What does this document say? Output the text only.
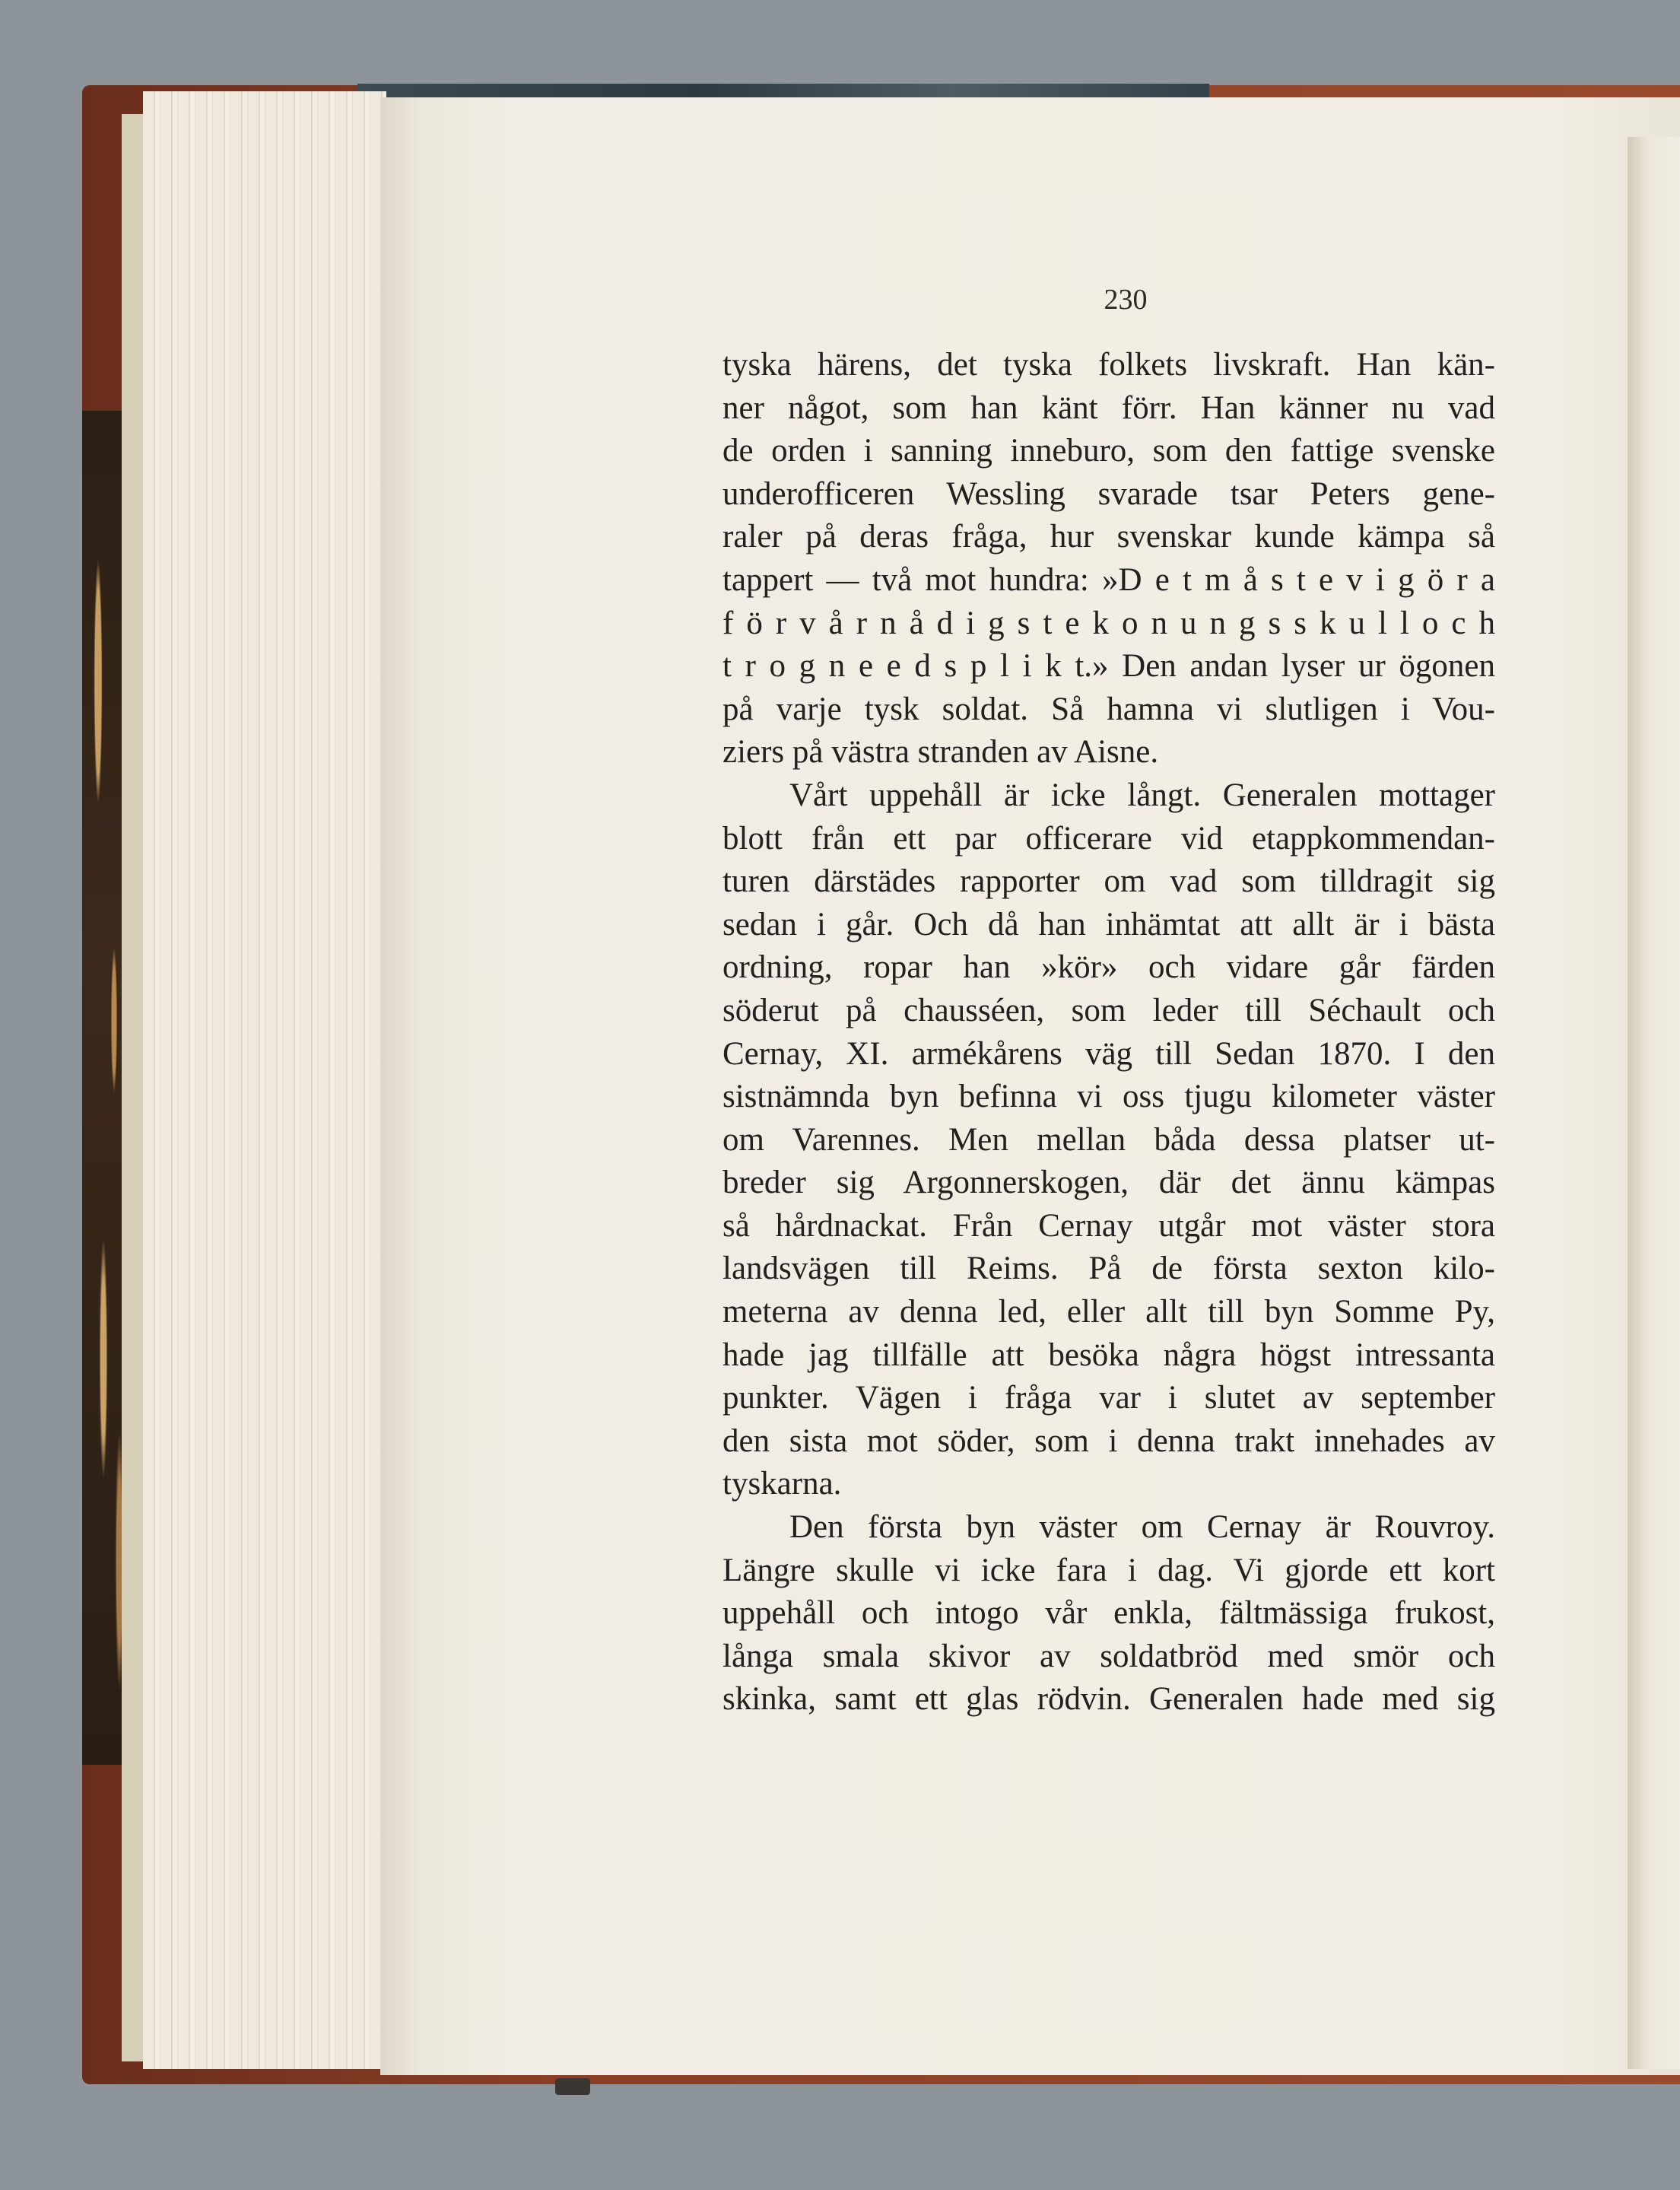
230
tyska härens, det tyska folkets livskraft. Han kän-
ner något, som han känt förr. Han känner nu vad
de orden i sanning inneburo, som den fattige svenske
underofficeren Wessling svarade tsar Peters gene-
raler på deras fråga, hur svenskar kunde kämpa så
tappert — två mot hundra: »D e t m å s t e v i g ö r a
f ö r v å r n å d i g s t e k o n u n g s s k u l l o c h
t r o g n e e d s p l i k t.» Den andan lyser ur ögonen
på varje tysk soldat. Så hamna vi slutligen i Vou-
ziers på västra stranden av Aisne.
Vårt uppehåll är icke långt. Generalen mottager
blott från ett par officerare vid etappkommendan-
turen därstädes rapporter om vad som tilldragit sig
sedan i går. Och då han inhämtat att allt är i bästa
ordning, ropar han »kör» och vidare går färden
söderut på chausséen, som leder till Séchault och
Cernay, XI. armékårens väg till Sedan 1870. I den
sistnämnda byn befinna vi oss tjugu kilometer väster
om Varennes. Men mellan båda dessa platser ut-
breder sig Argonnerskogen, där det ännu kämpas
så hårdnackat. Från Cernay utgår mot väster stora
landsvägen till Reims. På de första sexton kilo-
meterna av denna led, eller allt till byn Somme Py,
hade jag tillfälle att besöka några högst intressanta
punkter. Vägen i fråga var i slutet av september
den sista mot söder, som i denna trakt innehades av
tyskarna.
Den första byn väster om Cernay är Rouvroy.
Längre skulle vi icke fara i dag. Vi gjorde ett kort
uppehåll och intogo vår enkla, fältmässiga frukost,
långa smala skivor av soldatbröd med smör och
skinka, samt ett glas rödvin. Generalen hade med sig
